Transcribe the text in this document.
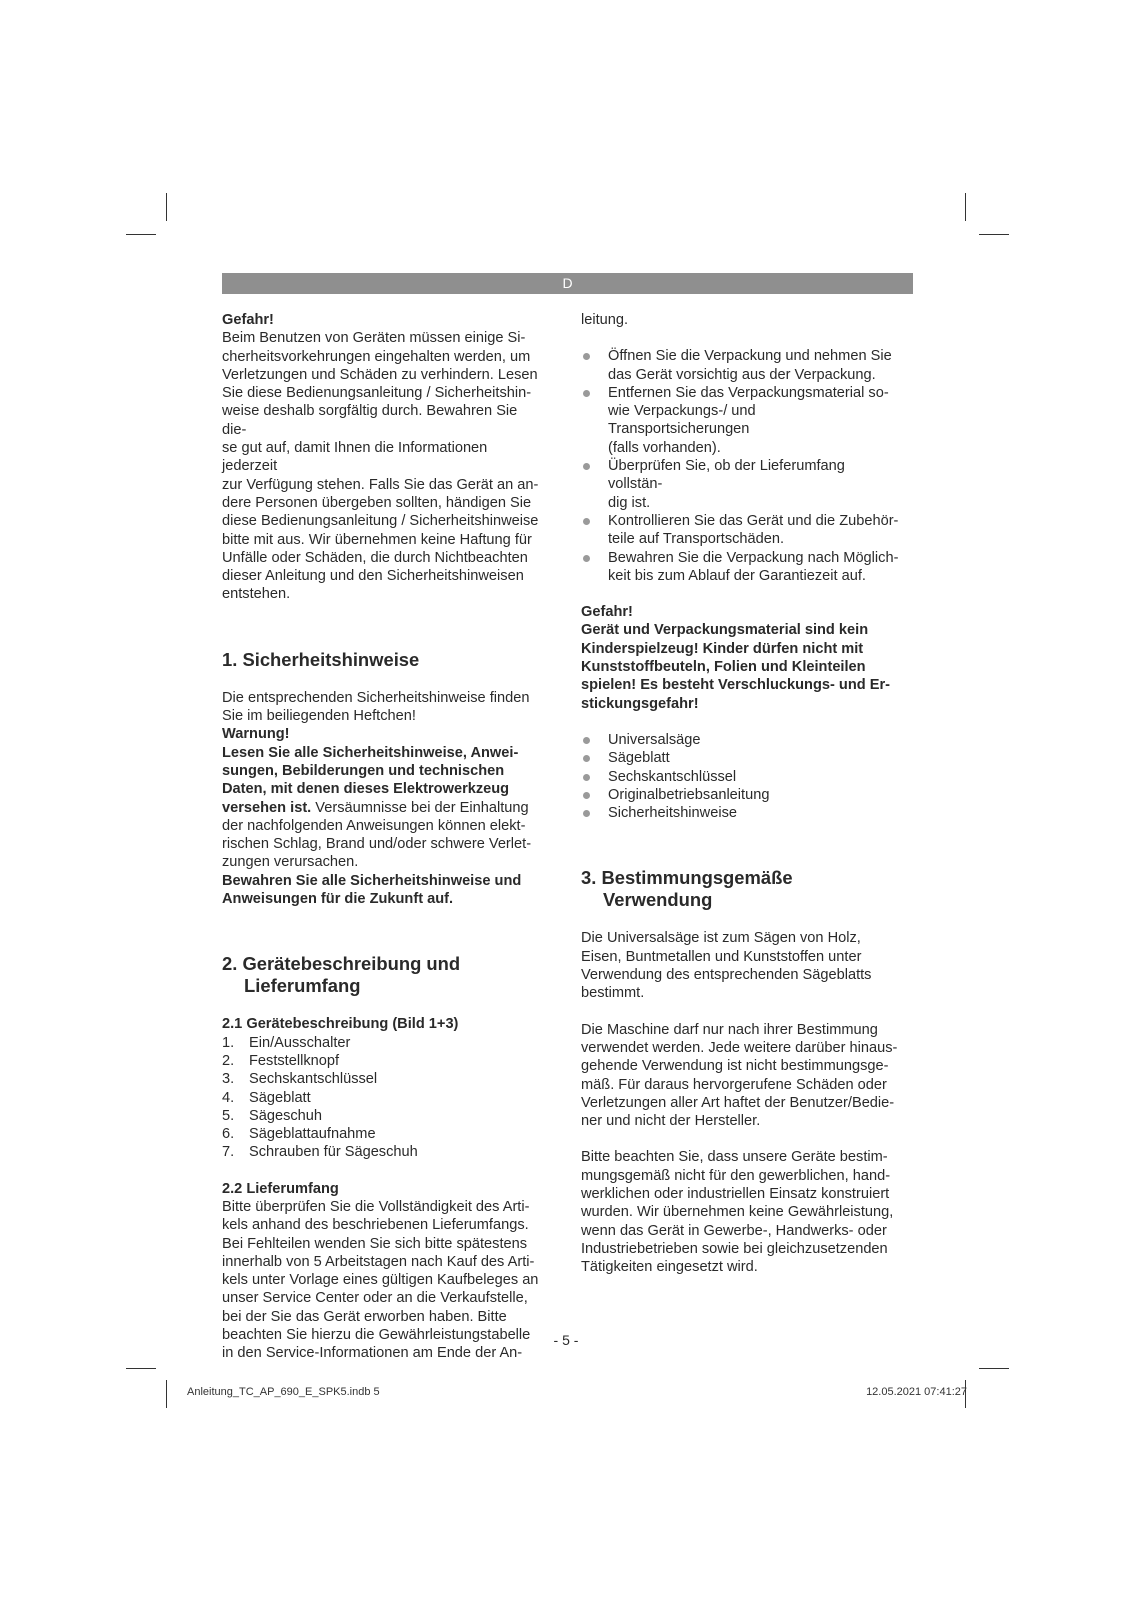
D

Gefahr!

Beim Benutzen von Geräten müssen einige Si-
cherheitsvorkehrungen eingehalten werden, um
Verletzungen und Schäden zu verhindern. Lesen
Sie diese Bedienungsanleitung / Sicherheitshin-
weise deshalb sorgfältig durch. Bewahren Sie die-
se gut auf, damit Ihnen die Informationen jederzeit
zur Verfügung stehen. Falls Sie das Gerät an an-
dere Personen übergeben sollten, händigen Sie
diese Bedienungsanleitung / Sicherheitshinweise
bitte mit aus. Wir übernehmen keine Haftung für
Unfälle oder Schäden, die durch Nichtbeachten
dieser Anleitung und den Sicherheitshinweisen
entstehen.
1. Sicherheitshinweise
Die entsprechenden Sicherheitshinweise finden
Sie im beiliegenden Heftchen!

Warnung!

Lesen Sie alle Sicherheitshinweise, Anwei-
sungen, Bebilderungen und technischen
Daten, mit denen dieses Elektrowerkzeug
versehen ist. Versäumnisse bei der Einhaltung
der nachfolgenden Anweisungen können elekt-
rischen Schlag, Brand und/oder schwere Verlet-
zungen verursachen.
Bewahren Sie alle Sicherheitshinweise und
Anweisungen für die Zukunft auf.
2. Gerätebeschreibung und
Lieferumfang

2.1 Gerätebeschreibung (Bild 1+3)

1.	Ein/Ausschalter
2.	Feststellknopf
3.	Sechskantschlüssel
4.	Sägeblatt
5.	Sägeschuh
6.	Sägeblattaufnahme
7.	Schrauben für Sägeschuh

2.2 Lieferumfang

Bitte überprüfen Sie die Vollständigkeit des Arti-
kels anhand des beschriebenen Lieferumfangs.
Bei Fehlteilen wenden Sie sich bitte spätestens
innerhalb von 5 Arbeitstagen nach Kauf des Arti-
kels unter Vorlage eines gültigen Kaufbeleges an
unser Service Center oder an die Verkaufstelle,
bei der Sie das Gerät erworben haben. Bitte
beachten Sie hierzu die Gewährleistungstabelle
in den Service-Informationen am Ende der An-

leitung.

Öffnen Sie die Verpackung und nehmen Sie
das Gerät vorsichtig aus der Verpackung.
Entfernen Sie das Verpackungsmaterial so-
wie Verpackungs-/ und Transportsicherungen
(falls vorhanden).
Überprüfen Sie, ob der Lieferumfang vollstän-
dig ist.
Kontrollieren Sie das Gerät und die Zubehör-
teile auf Transportschäden.
Bewahren Sie die Verpackung nach Möglich-
keit bis zum Ablauf der Garantiezeit auf.

Gefahr!

Gerät und Verpackungsmaterial sind kein
Kinderspielzeug! Kinder dürfen nicht mit
Kunststoffbeuteln, Folien und Kleinteilen
spielen! Es besteht Verschluckungs- und Er-
stickungsgefahr!
Universalsäge
Sägeblatt
Sechskantschlüssel
Originalbetriebsanleitung
Sicherheitshinweise
3. Bestimmungsgemäße
Verwendung
Die Universalsäge ist zum Sägen von Holz,
Eisen, Buntmetallen und Kunststoffen unter
Verwendung des entsprechenden Sägeblatts
bestimmt.
Die Maschine darf nur nach ihrer Bestimmung
verwendet werden. Jede weitere darüber hinaus-
gehende Verwendung ist nicht bestimmungsge-
mäß. Für daraus hervorgerufene Schäden oder
Verletzungen aller Art haftet der Benutzer/Bedie-
ner und nicht der Hersteller.
Bitte beachten Sie, dass unsere Geräte bestim-
mungsgemäß nicht für den gewerblichen, hand-
werklichen oder industriellen Einsatz konstruiert
wurden. Wir übernehmen keine Gewährleistung,
wenn das Gerät in Gewerbe-, Handwerks- oder
Industriebetrieben sowie bei gleichzusetzenden
Tätigkeiten eingesetzt wird.
- 5 -
Anleitung_TC_AP_690_E_SPK5.indb 5	12.05.2021 07:41:27
